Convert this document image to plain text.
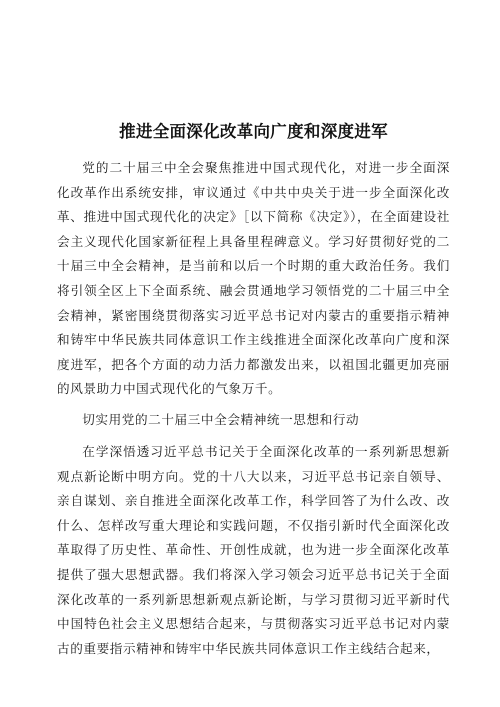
推进全面深化改革向广度和深度进军

党的二十届三中全会聚焦推进中国式现代化，对进一步全面深化改革作出系统安排，审议通过《中共中央关于进一步全面深化改革、推进中国式现代化的决定》［以下简称《决定》），在全面建设社会主义现代化国家新征程上具备里程碑意义。学习好贯彻好党的二十届三中全会精神，是当前和以后一个时期的重大政治任务。我们将引领全区上下全面系统、融会贯通地学习领悟党的二十届三中全会精神，紧密围绕贯彻落实习近平总书记对内蒙古的重要指示精神和铸牢中华民族共同体意识工作主线推进全面深化改革向广度和深度进军，把各个方面的动力活力都激发出来，以祖国北疆更加亮丽的风景助力中国式现代化的气象万千。

切实用党的二十届三中全会精神统一思想和行动

在学深悟透习近平总书记关于全面深化改革的一系列新思想新观点新论断中明方向。党的十八大以来，习近平总书记亲自领导、亲自谋划、亲自推进全面深化改革工作，科学回答了为什么改、改什么、怎样改写重大理论和实践问题，不仅指引新时代全面深化改革取得了历史性、革命性、开创性成就，也为进一步全面深化改革提供了强大思想武器。我们将深入学习领会习近平总书记关于全面深化改革的一系列新思想新观点新论断，与学习贯彻习近平新时代中国特色社会主义思想结合起来，与贯彻落实习近平总书记对内蒙古的重要指示精神和铸牢中华民族共同体意识工作主线结合起来，
